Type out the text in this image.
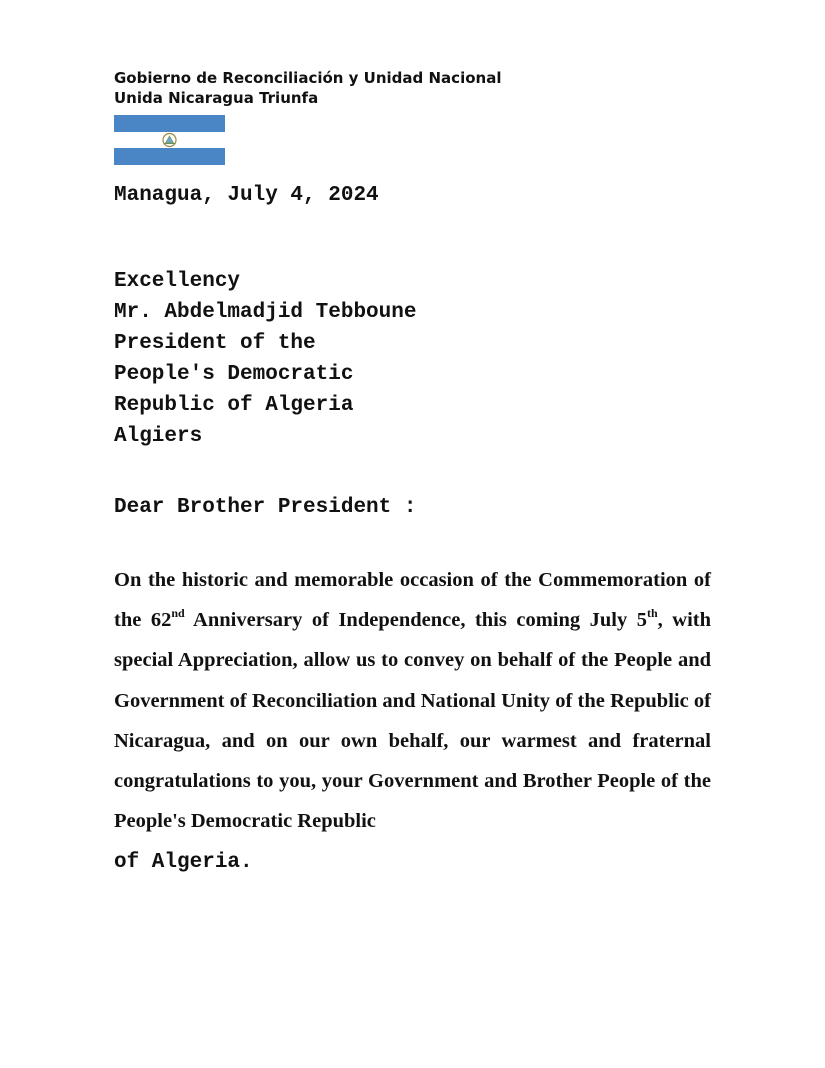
Gobierno de Reconciliación y Unidad Nacional
Unida Nicaragua Triunfa
Managua, July 4, 2024
Excellency
Mr. Abdelmadjid Tebboune
President of the
People's Democratic
Republic of Algeria
Algiers
Dear Brother President :
On the historic and memorable occasion of the Commemoration of the 62nd Anniversary of Independence, this coming July 5th, with special Appreciation, allow us to convey on behalf of the People and Government of Reconciliation and National Unity of the Republic of Nicaragua, and on our own behalf, our warmest and fraternal congratulations to you, your Government and Brother People of the People's Democratic Republic
of Algeria.
